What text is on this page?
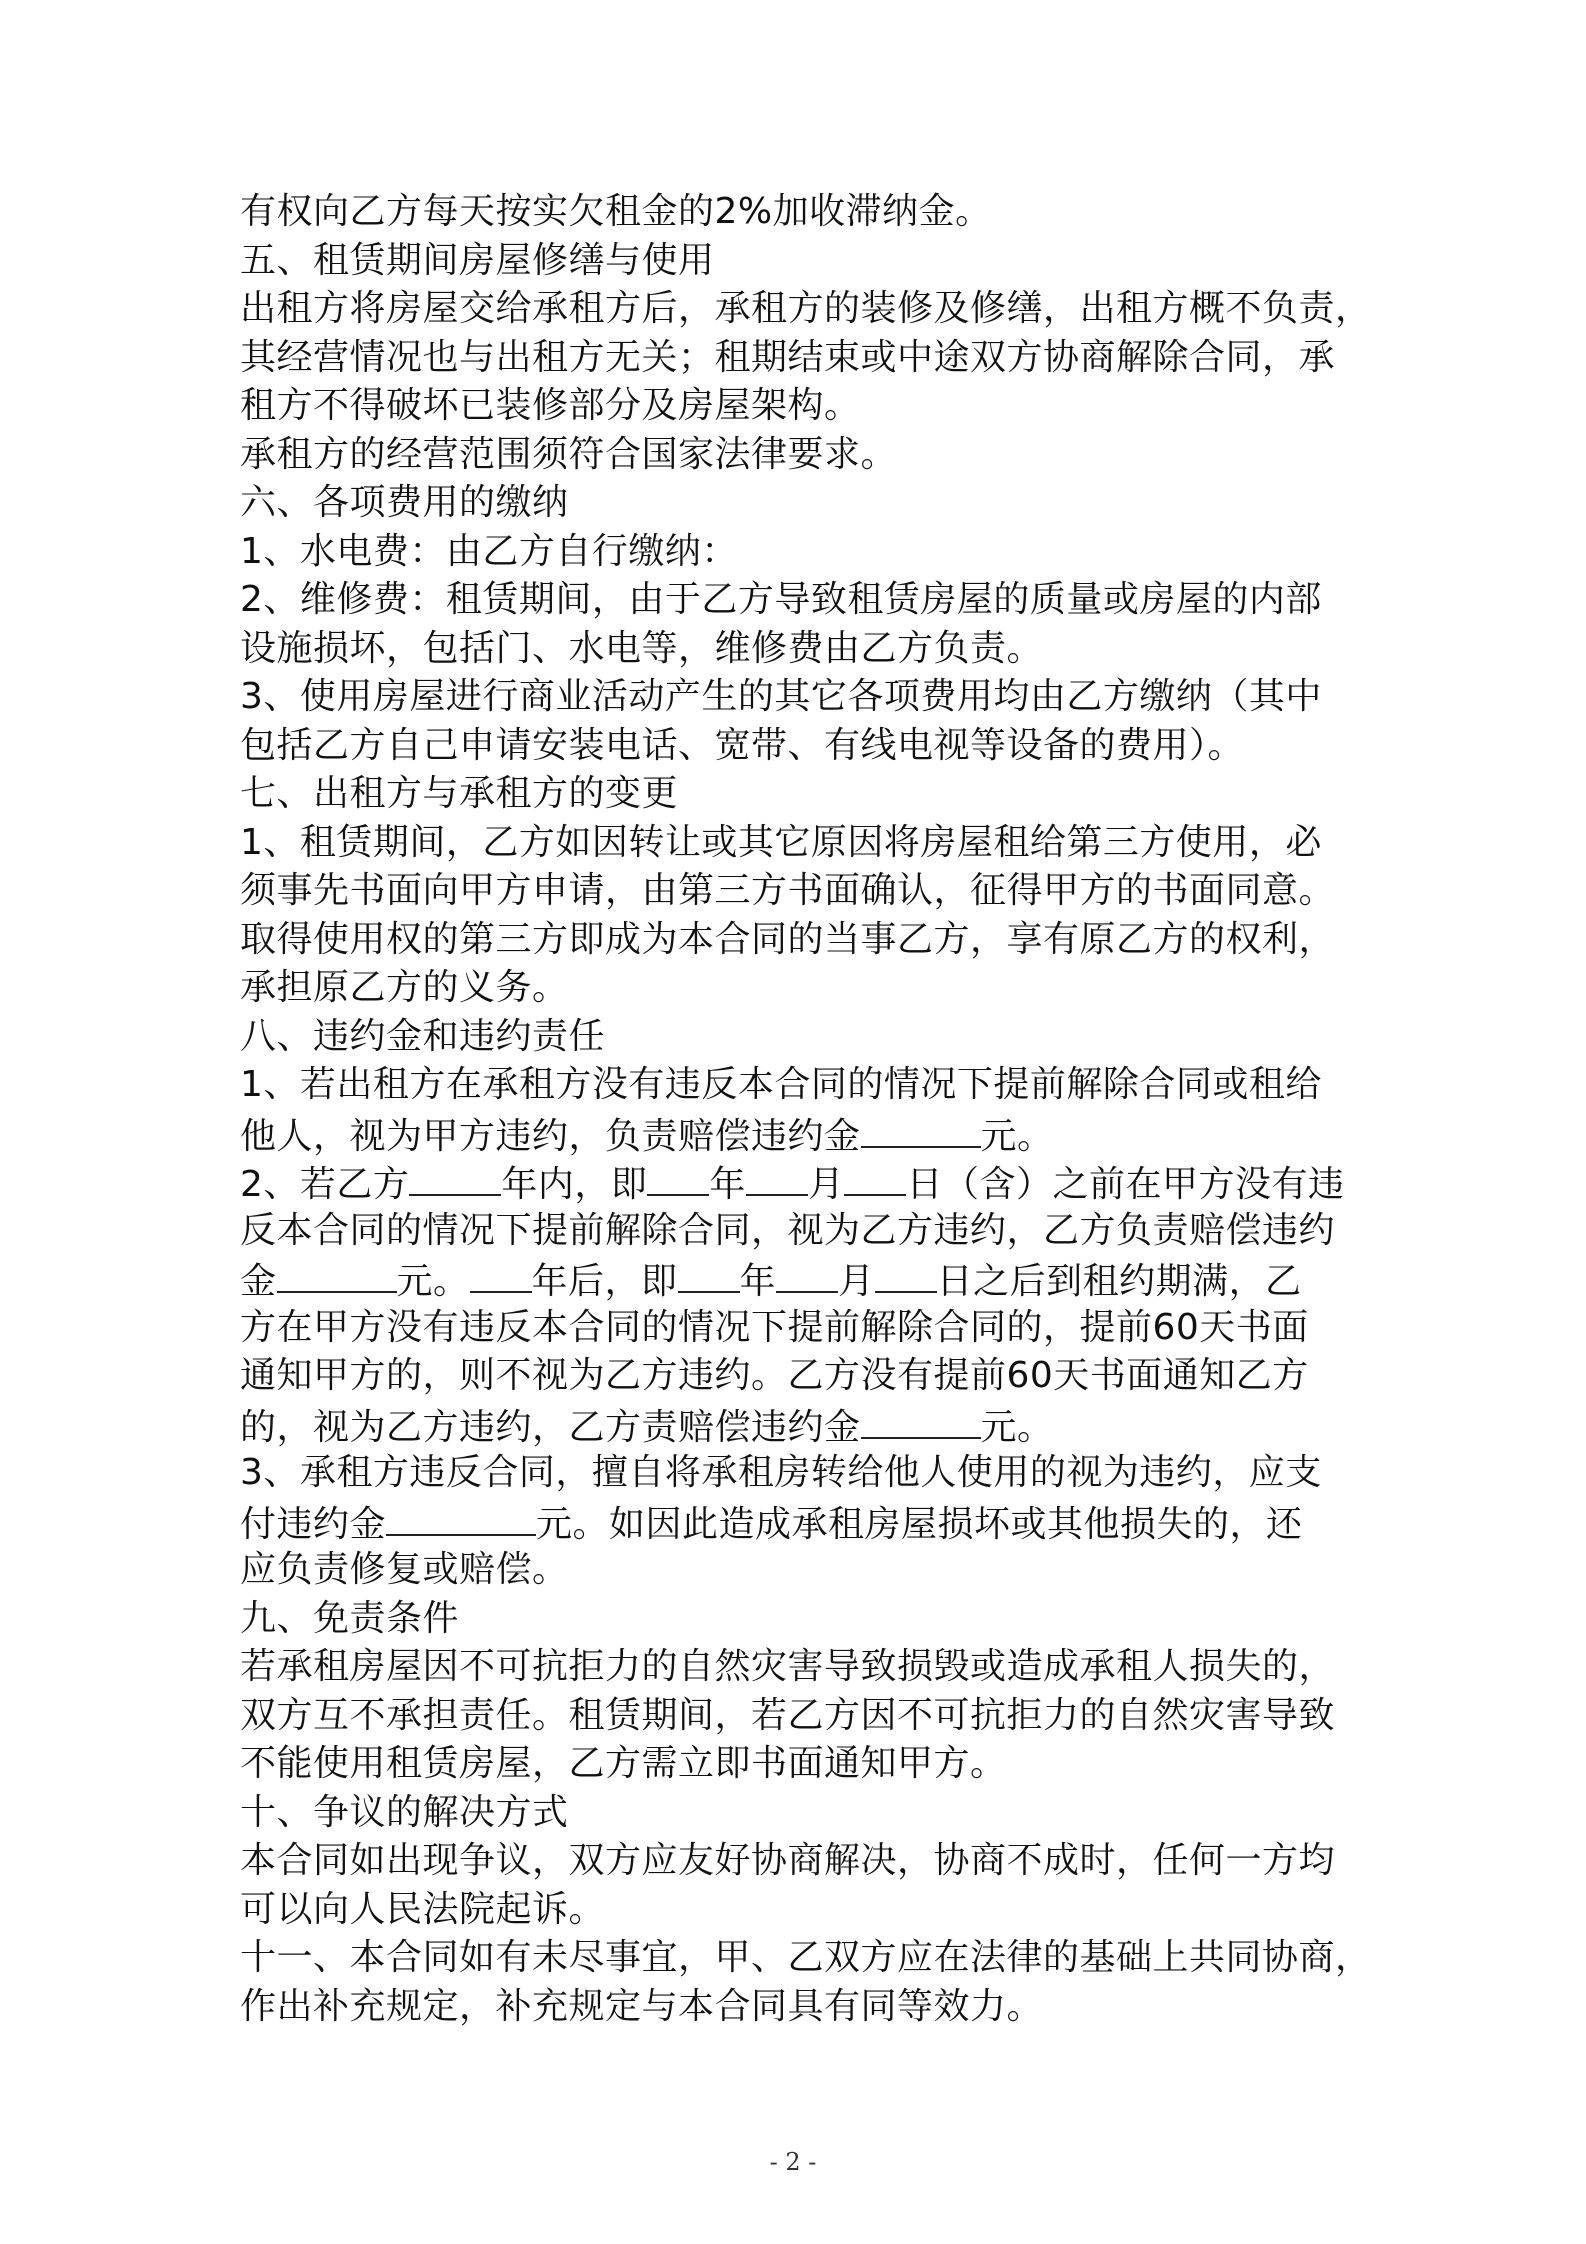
有权向乙方每天按实欠租金的2%加收滞纳金。
五、租赁期间房屋修缮与使用
出租方将房屋交给承租方后，承租方的装修及修缮，出租方概不负责，
其经营情况也与出租方无关；租期结束或中途双方协商解除合同，承
租方不得破坏已装修部分及房屋架构。
承租方的经营范围须符合国家法律要求。
六、各项费用的缴纳
1、水电费：由乙方自行缴纳：
2、维修费：租赁期间，由于乙方导致租赁房屋的质量或房屋的内部
设施损坏，包括门、水电等，维修费由乙方负责。
3、使用房屋进行商业活动产生的其它各项费用均由乙方缴纳（其中
包括乙方自己申请安装电话、宽带、有线电视等设备的费用）。
七、出租方与承租方的变更
1、租赁期间，乙方如因转让或其它原因将房屋租给第三方使用，必
须事先书面向甲方申请，由第三方书面确认，征得甲方的书面同意。
取得使用权的第三方即成为本合同的当事乙方，享有原乙方的权利，
承担原乙方的义务。
八、违约金和违约责任
1、若出租方在承租方没有违反本合同的情况下提前解除合同或租给
他人，视为甲方违约，负责赔偿违约金	元。
2、若乙方	年内，即 年 月 日（含）之前在甲方没有违
反本合同的情况下提前解除合同，视为乙方违约，乙方负责赔偿违约
金	元。 年后，即 年 月 日之后到租约期满，乙
方在甲方没有违反本合同的情况下提前解除合同的，提前60天书面
通知甲方的，则不视为乙方违约。乙方没有提前60天书面通知乙方
的，视为乙方违约，乙方责赔偿违约金	元。
3、承租方违反合同，擅自将承租房转给他人使用的视为违约，应支
付违约金	元。如因此造成承租房屋损坏或其他损失的，还
应负责修复或赔偿。
九、免责条件
若承租房屋因不可抗拒力的自然灾害导致损毁或造成承租人损失的，
双方互不承担责任。租赁期间，若乙方因不可抗拒力的自然灾害导致
不能使用租赁房屋，乙方需立即书面通知甲方。
十、争议的解决方式
本合同如出现争议，双方应友好协商解决，协商不成时，任何一方均
可以向人民法院起诉。
十一、本合同如有未尽事宜，甲、乙双方应在法律的基础上共同协商，
作出补充规定，补充规定与本合同具有同等效力。
- 2 -
